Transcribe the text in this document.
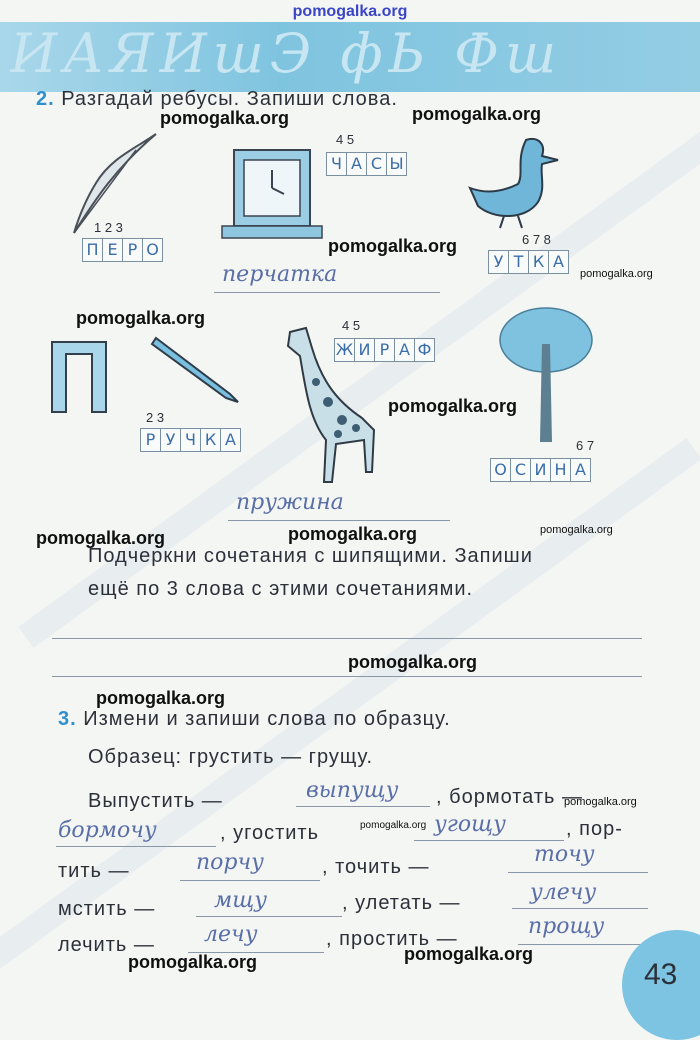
pomogalka.org
ИАЯИшЭ фЬ Фш
2. Разгадай ребусы. Запиши слова.
1 2 3
П Е Р О
4 5
Ч А С Ы
6 7 8
У Т К А
перчатка
2 3
Р У Ч К А
4 5
Ж И Р А Ф
6 7
О С И Н А
пружина
Подчеркни сочетания с шипящими. Запиши
ещё по 3 слова с этими сочетаниями.
3. Измени и запиши слова по образцу.
Образец: грустить — грущу.
Выпустить —	выпущу , бормотать —
бормочу	, угостить	угощу	, пор-
тить —	порчу	, точить —	точу
мстить —	мщу	, улетать —	улечу
лечить — лечу	, простить —	прощу
43
pomogalka.org	pomogalka.org
pomogalka.org
pomogalka.org
pomogalka.org
pomogalka.org
pomogalka.org	pomogalka.org	pomogalka.org
pomogalka.org
pomogalka.org
pomogalka.org
pomogalka.org
pomogalka.org	pomogalka.org
